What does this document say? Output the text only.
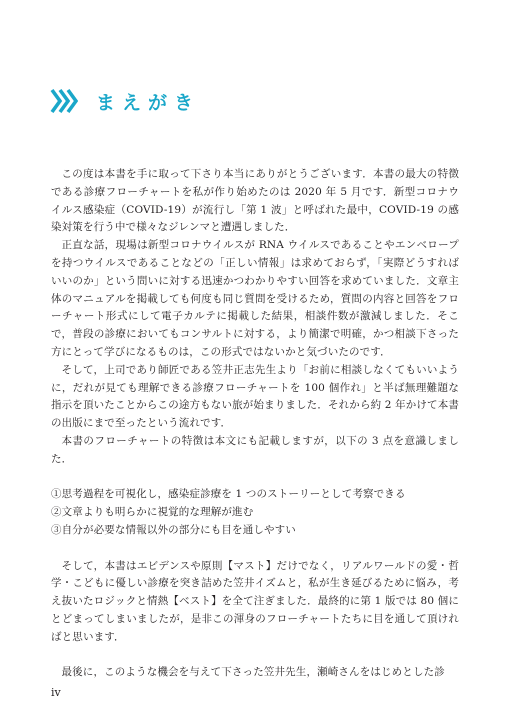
まえがき

この度は本書を手に取って下さり本当にありがとうございます．本書の最大の特徴である診療フローチャートを私が作り始めたのは 2020 年 5 月です．新型コロナウイルス感染症（COVID-19）が流行し「第 1 波」と呼ばれた最中，COVID-19 の感染対策を行う中で様々なジレンマと遭遇しました．

正直な話，現場は新型コロナウイルスが RNA ウイルスであることやエンベロープを持つウイルスであることなどの「正しい情報」は求めておらず，「実際どうすればいいのか」という問いに対する迅速かつわかりやすい回答を求めていました．文章主体のマニュアルを掲載しても何度も同じ質問を受けるため，質問の内容と回答をフローチャート形式にして電子カルテに掲載した結果，相談件数が激減しました．そこで，普段の診療においてもコンサルトに対する，より簡潔で明確，かつ相談下さった方にとって学びになるものは，この形式ではないかと気づいたのです．

そして，上司であり師匠である笠井正志先生より「お前に相談しなくてもいいように，だれが見ても理解できる診療フローチャートを 100 個作れ」と半ば無理難題な指示を頂いたことからこの途方もない旅が始まりました．それから約 2 年かけて本書の出版にまで至ったという流れです．

本書のフローチャートの特徴は本文にも記載しますが，以下の 3 点を意識しました．

①思考過程を可視化し，感染症診療を 1 つのストーリーとして考察できる
②文章よりも明らかに視覚的な理解が進む
③自分が必要な情報以外の部分にも目を通しやすい

そして，本書はエビデンスや原則【マスト】だけでなく，リアルワールドの愛・哲学・こどもに優しい診療を突き詰めた笠井イズムと，私が生き延びるために悩み，考え抜いたロジックと情熱【ベスト】を全て注ぎました．最終的に第 1 版では 80 個にとどまってしまいましたが，是非この渾身のフローチャートたちに目を通して頂ければと思います．

最後に，このような機会を与えて下さった笠井先生，瀬崎さんをはじめとした診

iv
